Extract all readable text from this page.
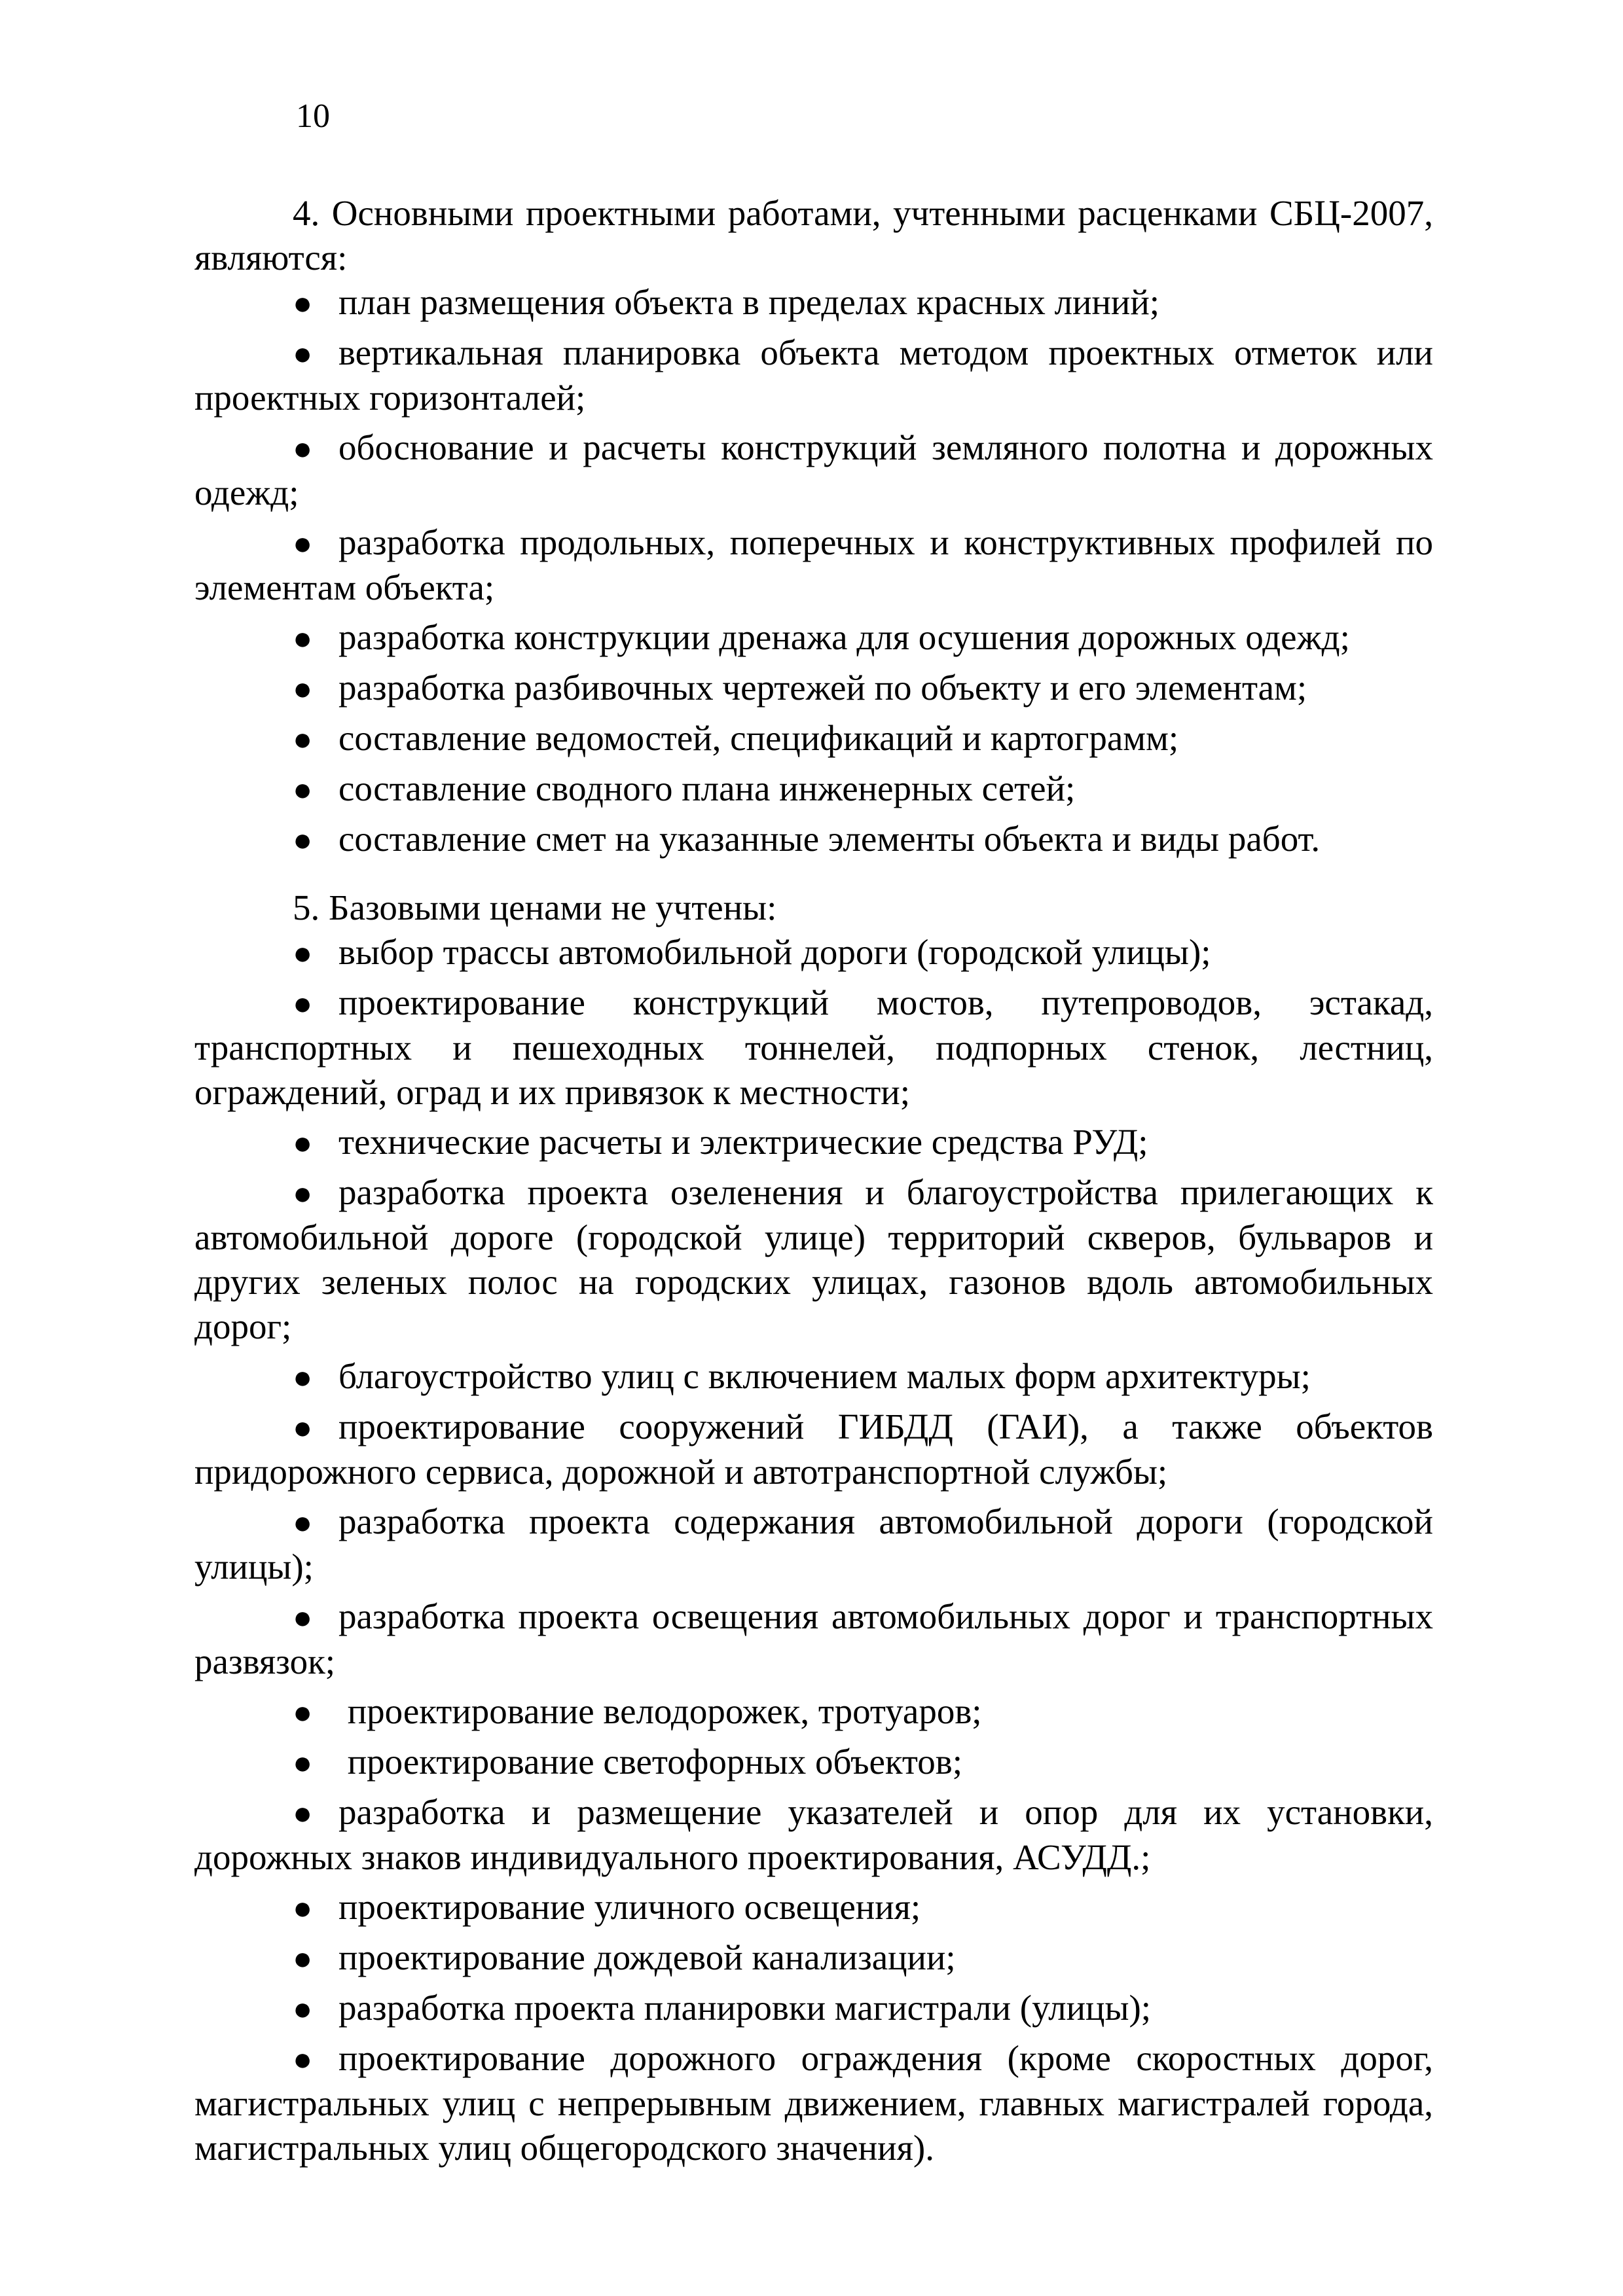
10

4. Основными проектными работами, учтенными расценками СБЦ-2007, являются:

● план размещения объекта в пределах красных линий;
● вертикальная планировка объекта методом проектных отметок или проектных горизонталей;
● обоснование и расчеты конструкций земляного полотна и дорожных одежд;
● разработка продольных, поперечных и конструктивных профилей по элементам объекта;
● разработка конструкции дренажа для осушения дорожных одежд;
● разработка разбивочных чертежей по объекту и его элементам;
● составление ведомостей, спецификаций и картограмм;
● составление сводного плана инженерных сетей;
● составление смет на указанные элементы объекта и виды работ.

5. Базовыми ценами не учтены:

● выбор трассы автомобильной дороги (городской улицы);
● проектирование конструкций мостов, путепроводов, эстакад, транспортных и пешеходных тоннелей, подпорных стенок, лестниц, ограждений, оград и их привязок к местности;
● технические расчеты и электрические средства РУД;
● разработка проекта озеленения и благоустройства прилегающих к автомобильной дороге (городской улице) территорий скверов, бульваров и других зеленых полос на городских улицах, газонов вдоль автомобильных дорог;
● благоустройство улиц с включением малых форм архитектуры;
● проектирование сооружений ГИБДД (ГАИ), а также объектов придорожного сервиса, дорожной и автотранспортной службы;
● разработка проекта содержания автомобильной дороги (городской улицы);
● разработка проекта освещения автомобильных дорог и транспортных развязок;
● проектирование велодорожек, тротуаров;
● проектирование светофорных объектов;
● разработка и размещение указателей и опор для их установки, дорожных знаков индивидуального проектирования, АСУДД.;
● проектирование уличного освещения;
● проектирование дождевой канализации;
● разработка проекта планировки магистрали (улицы);
● проектирование дорожного ограждения (кроме скоростных дорог, магистральных улиц с непрерывным движением, главных магистралей города, магистральных улиц общегородского значения).
